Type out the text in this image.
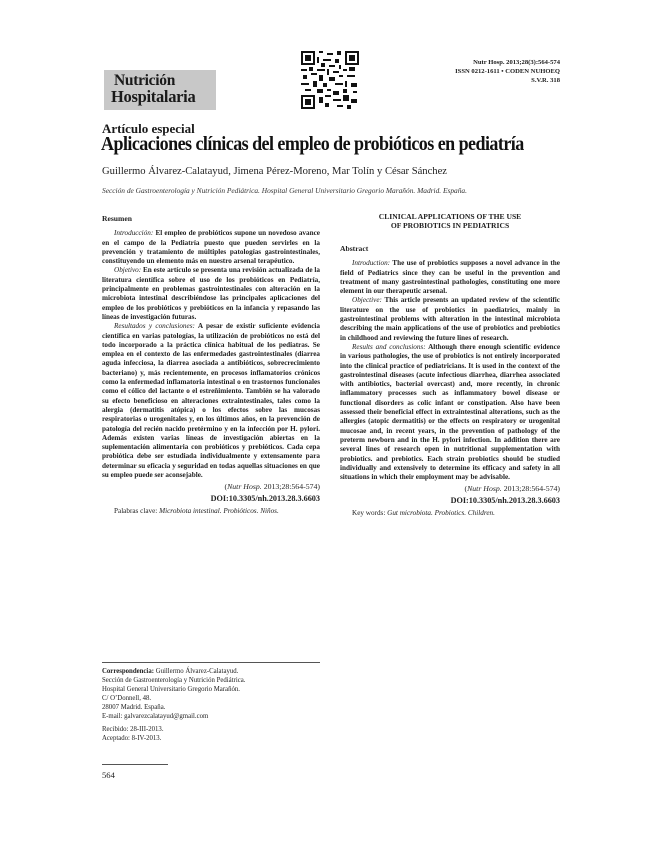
Nutrición
Hospitalaria
Nutr Hosp. 2013;28(3):564-574
ISSN 0212-1611 • CODEN NUHOEQ
S.V.R. 318
Artículo especial
Aplicaciones clínicas del empleo de probióticos en pediatría
Guillermo Álvarez-Calatayud, Jimena Pérez-Moreno, Mar Tolín y César Sánchez
Sección de Gastroenterología y Nutrición Pediátrica. Hospital General Universitario Gregorio Marañón. Madrid. España.
Resumen

Introducción: El empleo de probióticos supone un novedoso avance en el campo de la Pediatría puesto que pueden servirles en la prevención y tratamiento de múltiples patologías gastrointestinales, constituyendo un elemento más en nuestro arsenal terapéutico.

Objetivo: En este artículo se presenta una revisión actualizada de la literatura científica sobre el uso de los probióticos en Pediatría, principalmente en problemas gastrointestinales con alteración en la microbiota intestinal describiéndose las principales aplicaciones del empleo de los probióticos y prebióticos en la infancia y repasando las líneas de investigación futuras.

Resultados y conclusiones: A pesar de existir suficiente evidencia científica en varias patologías, la utilización de probióticos no está del todo incorporado a la práctica clínica habitual de los pediatras. Se emplea en el contexto de las enfermedades gastrointestinales (diarrea aguda infecciosa, la diarrea asociada a antibióticos, sobrecrecimiento bacteriano) y, más recientemente, en procesos inflamatorios crónicos como la enfermedad inflamatoria intestinal o en trastornos funcionales como el cólico del lactante o el estreñimiento. También se ha valorado su efecto beneficioso en alteraciones extraintestinales, tales como la alergia (dermatitis atópica) o los efectos sobre las mucosas respiratorias o urogenitales y, en los últimos años, en la prevención de patología del recién nacido pretérmino y en la infección por H. pylori. Además existen varias líneas de investigación abiertas en la suplementación alimentaria con probióticos y prebióticos. Cada cepa probiótica debe ser estudiada individualmente y extensamente para determinar su eficacia y seguridad en todas aquellas situaciones en que su empleo puede ser aconsejable.

(Nutr Hosp. 2013;28:564-574)
DOI:10.3305/nh.2013.28.3.6603
Palabras clave: Microbiota intestinal. Probióticos. Niños.
CLINICAL APPLICATIONS OF THE USE
OF PROBIOTICS IN PEDIATRICS
Abstract

Introduction: The use of probiotics supposes a novel advance in the field of Pediatrics since they can be useful in the prevention and treatment of many gastrointestinal pathologies, constituting one more element in our therapeutic arsenal.

Objective: This article presents an updated review of the scientific literature on the use of probiotics in paediatrics, mainly in gastrointestinal problems with alteration in the intestinal microbiota describing the main applications of the use of probiotics and prebiotics in childhood and reviewing the future lines of research.

Results and conclusions: Although there enough scientific evidence in various pathologies, the use of probiotics is not entirely incorporated into the clinical practice of pediatricians. It is used in the context of the gastrointestinal diseases (acute infectious diarrhea, diarrhea associated with antibiotics, bacterial overcast) and, more recently, in chronic inflammatory processes such as inflammatory bowel disease or functional disorders as colic infant or constipation. Also have been assessed their beneficial effect in extraintestinal alterations, such as the allergies (atopic dermatitis) or the effects on respiratory or urogenital mucosae and, in recent years, in the prevention of pathology of the preterm newborn and in the H. pylori infection. In addition there are several lines of research open in nutritional supplementation with probiotics. and prebiotics. Each strain probiotics should be studied individually and extensively to determine its efficacy and safety in all situations in which their employment may be advisable.

(Nutr Hosp. 2013;28:564-574)
DOI:10.3305/nh.2013.28.3.6603
Key words: Gut microbiota. Probiotics. Children.
Correspondencia: Guillermo Álvarez-Calatayud.
Sección de Gastroenterología y Nutrición Pediátrica.
Hospital General Universitario Gregorio Marañón.
C/ O’Donnell, 48.
28007 Madrid. España.
E-mail: galvarezcalatayud@gmail.com
Recibido: 28-III-2013.
Aceptado: 8-IV-2013.
564
